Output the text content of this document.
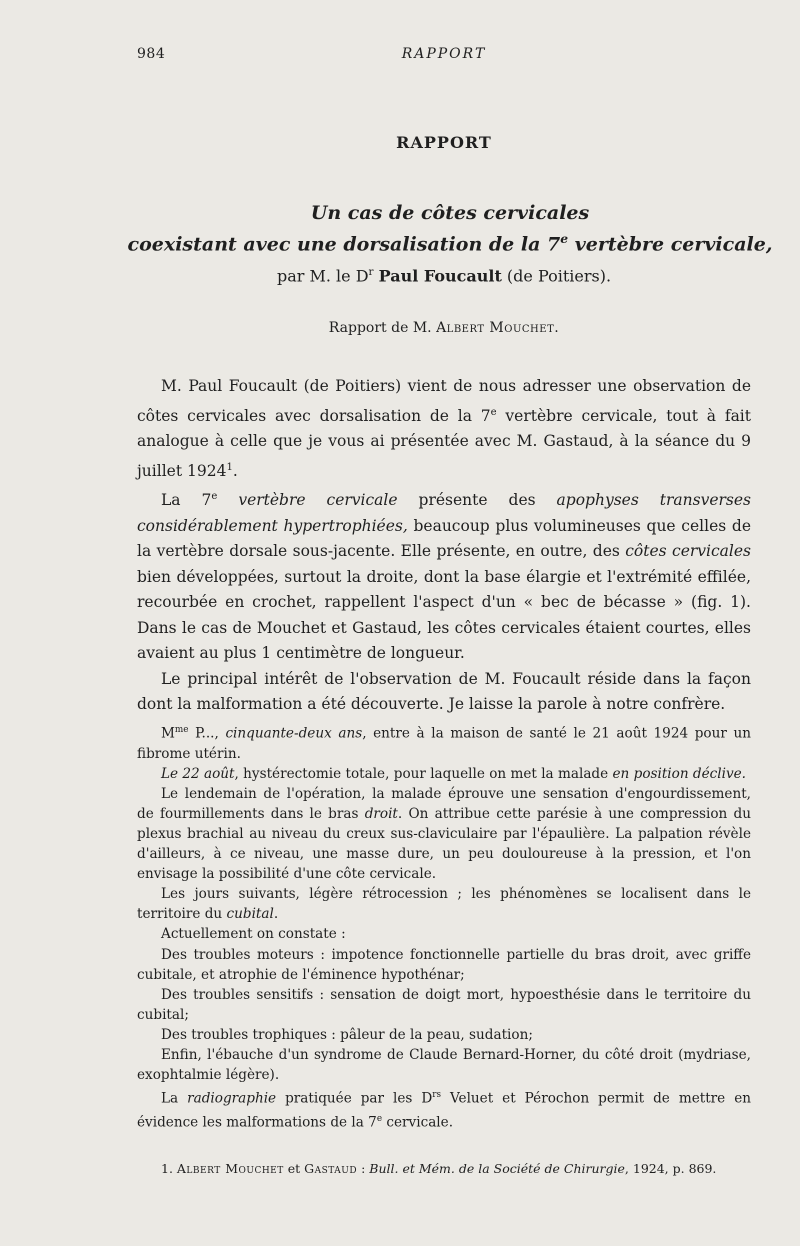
984	RAPPORT
RAPPORT
Un cas de côtes cervicales
coexistant avec une dorsalisation de la 7e vertèbre cervicale,
par M. le $D^r$ Paul Foucault (de Poitiers).
Rapport de M. Albert Mouchet.

M. Paul Foucault (de Poitiers) vient de nous adresser une observation de côtes cervicales avec dorsalisation de la 7e vertèbre cervicale, tout à fait analogue à celle que je vous ai présentée avec M. Gastaud, à la séance du 9 juillet 1924$^1$.

La 7e vertèbre cervicale présente des apophyses transverses considérablement hypertrophiées, beaucoup plus volumineuses que celles de la vertèbre dorsale sous-jacente. Elle présente, en outre, des côtes cervicales bien développées, surtout la droite, dont la base élargie et l'extrémité effilée, recourbée en crochet, rappellent l'aspect d'un « bec de bécasse » (fig. 1). Dans le cas de Mouchet et Gastaud, les côtes cervicales étaient courtes, elles avaient au plus 1 centimètre de longueur.

Le principal intérêt de l'observation de M. Foucault réside dans la façon dont la malformation a été découverte. Je laisse la parole à notre confrère.

$M^{me}$ P..., cinquante-deux ans, entre à la maison de santé le 21 août 1924 pour un fibrome utérin.

Le 22 août, hystérectomie totale, pour laquelle on met la malade en position déclive.

Le lendemain de l'opération, la malade éprouve une sensation d'engourdissement, de fourmillements dans le bras droit. On attribue cette parésie à une compression du plexus brachial au niveau du creux sus-claviculaire par l'épaulière. La palpation révèle d'ailleurs, à ce niveau, une masse dure, un peu douloureuse à la pression, et l'on envisage la possibilité d'une côte cervicale.

Les jours suivants, légère rétrocession ; les phénomènes se localisent dans le territoire du cubital.

Actuellement on constate :

Des troubles moteurs : impotence fonctionnelle partielle du bras droit, avec griffe cubitale, et atrophie de l'éminence hypothénar;

Des troubles sensitifs : sensation de doigt mort, hypoesthésie dans le territoire du cubital;

Des troubles trophiques : pâleur de la peau, sudation;

Enfin, l'ébauche d'un syndrome de Claude Bernard-Horner, du côté droit (mydriase, exophtalmie légère).

La radiographie pratiquée par les $D^{rs}$ Veluet et Pérochon permit de mettre en évidence les malformations de la 7e cervicale.

1. Albert Mouchet et Gastaud : Bull. et Mém. de la Société de Chirurgie, 1924, p. 869.
